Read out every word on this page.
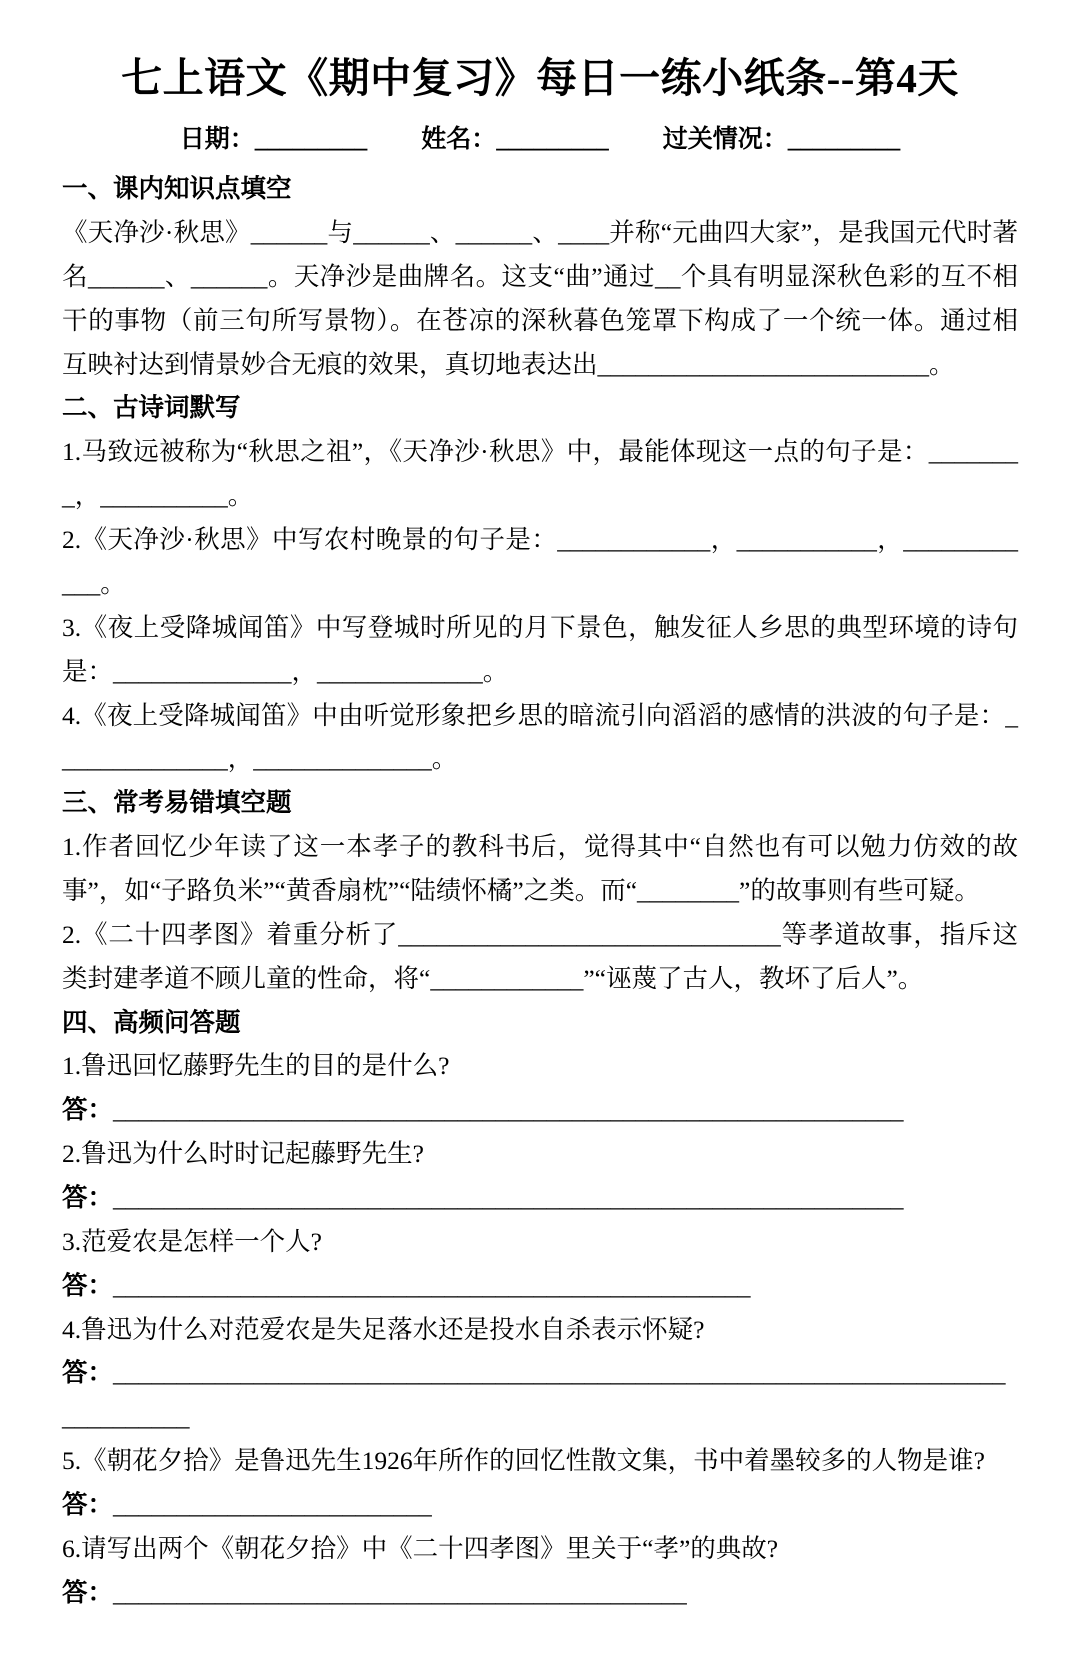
七上语文《期中复习》每日一练小纸条--第4天
日期：_________ 姓名：_________ 过关情况：_________
一、课内知识点填空
《天净沙·秋思》______与______、______、____并称“元曲四大家”，是我国元代时著名______、______。天净沙是曲牌名。这支“曲”通过__个具有明显深秋色彩的互不相干的事物（前三句所写景物）。在苍凉的深秋暮色笼罩下构成了一个统一体。通过相互映衬达到情景妙合无痕的效果，真切地表达出__________________________。
二、古诗词默写
1.马致远被称为“秋思之祖”，《天净沙·秋思》中，最能体现这一点的句子是：________，__________。
2.《天净沙·秋思》中写农村晚景的句子是：____________，___________，____________。
3.《夜上受降城闻笛》中写登城时所见的月下景色，触发征人乡思的典型环境的诗句是：______________，_____________。
4.《夜上受降城闻笛》中由听觉形象把乡思的暗流引向滔滔的感情的洪波的句子是：______________，______________。
三、常考易错填空题
1.作者回忆少年读了这一本孝子的教科书后，觉得其中“自然也有可以勉力仿效的故事”，如“子路负米”“黄香扇枕”“陆绩怀橘”之类。而“________”的故事则有些可疑。
2.《二十四孝图》着重分析了______________________________等孝道故事，指斥这类封建孝道不顾儿童的性命，将“____________”“诬蔑了古人，教坏了后人”。
四、高频问答题
1.鲁迅回忆藤野先生的目的是什么?
答：______________________________________________________________
2.鲁迅为什么时时记起藤野先生?
答：______________________________________________________________
3.范爱农是怎样一个人?
答：__________________________________________________
4.鲁迅为什么对范爱农是失足落水还是投水自杀表示怀疑?
答：________________________________________________________________________________
5.《朝花夕拾》是鲁迅先生1926年所作的回忆性散文集，书中着墨较多的人物是谁?
答：_________________________
6.请写出两个《朝花夕拾》中《二十四孝图》里关于“孝”的典故?
答：_____________________________________________
